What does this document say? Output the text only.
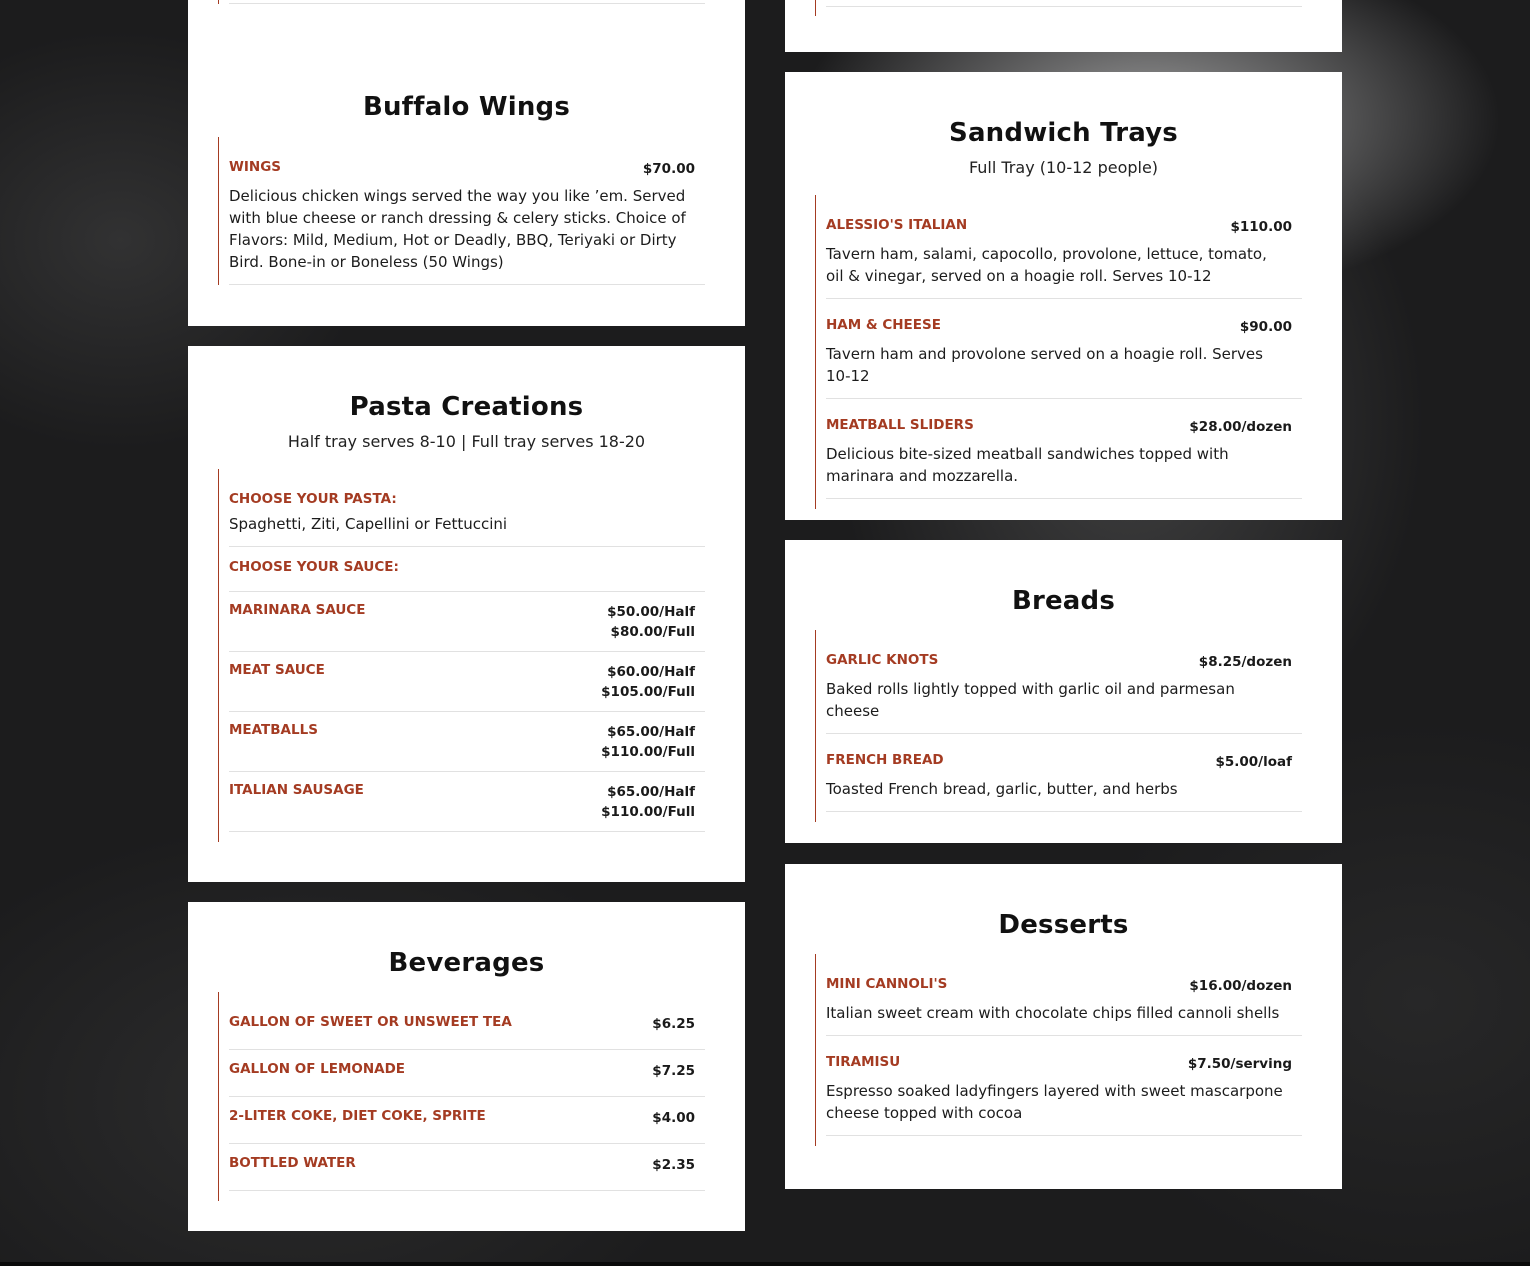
Buffalo Wings
WINGS	$70.00
Delicious chicken wings served the way you like ’em. Served with blue cheese or ranch dressing & celery sticks. Choice of Flavors: Mild, Medium, Hot or Deadly, BBQ, Teriyaki or Dirty Bird. Bone-in or Boneless (50 Wings)
Pasta Creations

Half tray serves 8-10 | Full tray serves 18-20

CHOOSE YOUR PASTA:
Spaghetti, Ziti, Capellini or Fettuccini
CHOOSE YOUR SAUCE:
MARINARA SAUCE	$50.00/Half
$80.00/Full
MEAT SAUCE	$60.00/Half
$105.00/Full
MEATBALLS	$65.00/Half
$110.00/Full
ITALIAN SAUSAGE	$65.00/Half
$110.00/Full
Beverages
GALLON OF SWEET OR UNSWEET TEA	$6.25
GALLON OF LEMONADE	$7.25
2-LITER COKE, DIET COKE, SPRITE	$4.00
BOTTLED WATER	$2.35
Sandwich Trays

Full Tray (10-12 people)

ALESSIO'S ITALIAN	$110.00
Tavern ham, salami, capocollo, provolone, lettuce, tomato, oil & vinegar, served on a hoagie roll. Serves 10-12
HAM & CHEESE	$90.00
Tavern ham and provolone served on a hoagie roll. Serves 10-12
MEATBALL SLIDERS	$28.00/dozen
Delicious bite-sized meatball sandwiches topped with marinara and mozzarella.
Breads
GARLIC KNOTS	$8.25/dozen
Baked rolls lightly topped with garlic oil and parmesan cheese
FRENCH BREAD	$5.00/loaf
Toasted French bread, garlic, butter, and herbs
Desserts
MINI CANNOLI'S	$16.00/dozen
Italian sweet cream with chocolate chips filled cannoli shells
TIRAMISU	$7.50/serving
Espresso soaked ladyfingers layered with sweet mascarpone cheese topped with cocoa
